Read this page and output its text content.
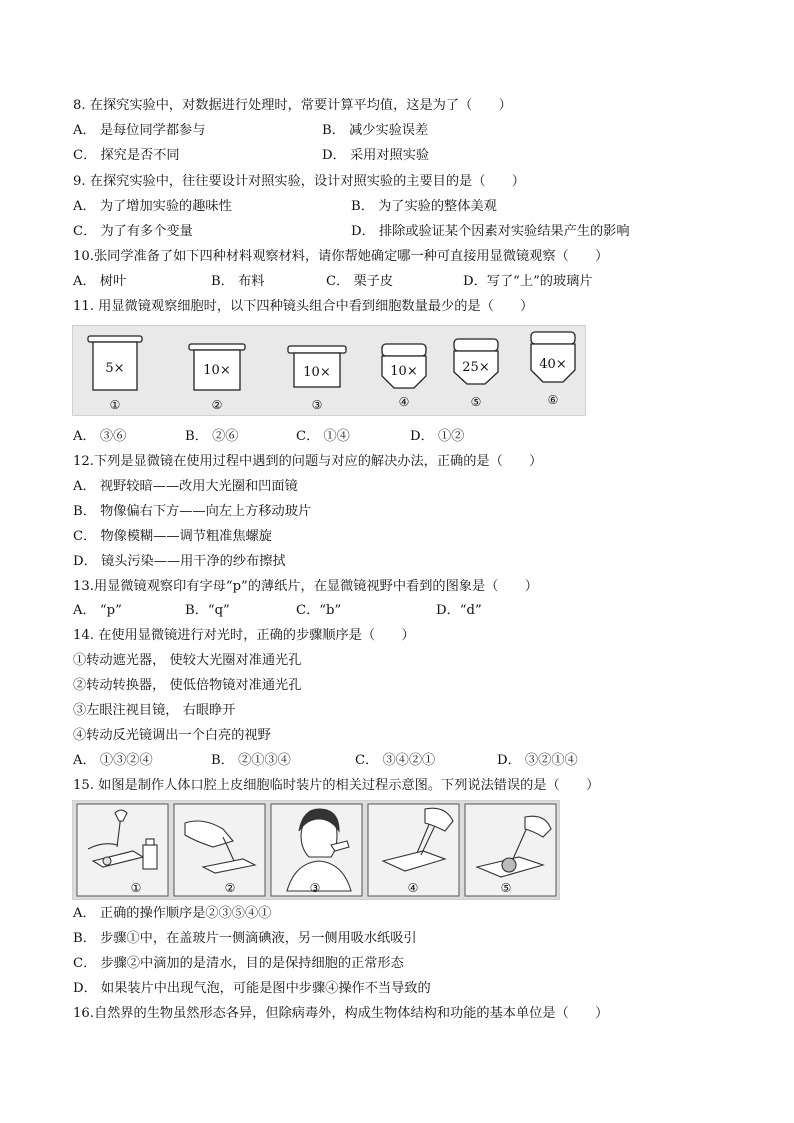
8. 在探究实验中，对数据进行处理时，常要计算平均值，这是为了（　　）
A． 是每位同学都参与	B． 减少实验误差
C． 探究是否不同	D． 采用对照实验
9. 在探究实验中，往往要设计对照实验，设计对照实验的主要目的是（　　）
A． 为了增加实验的趣味性	B． 为了实验的整体美观
C． 为了有多个变量	D． 排除或验证某个因素对实验结果产生的影响
10.张同学准备了如下四种材料观察材料，请你帮她确定哪一种可直接用显微镜观察（　　）
A． 树叶	B． 布料	C． 栗子皮	D．写了“上”的玻璃片
11. 用显微镜观察细胞时，以下四种镜头组合中看到细胞数量最少的是（　　）
5×	10×	10×	10×	25×	40×
①	②	③	④	⑤	⑥
A． ③⑥	B． ②⑥	C． ①④	D． ①②
12.下列是显微镜在使用过程中遇到的问题与对应的解决办法，正确的是（　　）
A． 视野较暗——改用大光圈和凹面镜
B． 物像偏右下方——向左上方移动玻片
C． 物像模糊——调节粗准焦螺旋
D． 镜头污染——用干净的纱布擦拭
13.用显微镜观察印有字母“p”的薄纸片，在显微镜视野中看到的图象是（　　）
A． “p”	B．“q”	C．“b”	D．“d”
14. 在使用显微镜进行对光时，正确的步骤顺序是（　　）
①转动遮光器， 使较大光圈对准通光孔
②转动转换器， 使低倍物镜对准通光孔
③左眼注视目镜， 右眼睁开
④转动反光镜调出一个白亮的视野
A． ①③②④	B． ②①③④	C． ③④②①	D． ③②①④
15. 如图是制作人体口腔上皮细胞临时装片的相关过程示意图。下列说法错误的是（　　）
①	②	③	④	⑤
A． 正确的操作顺序是②③⑤④①
B． 步骤①中，在盖玻片一侧滴碘液，另一侧用吸水纸吸引
C． 步骤②中滴加的是清水，目的是保持细胞的正常形态
D． 如果装片中出现气泡，可能是图中步骤④操作不当导致的
16.自然界的生物虽然形态各异，但除病毒外，构成生物体结构和功能的基本单位是（　　）
